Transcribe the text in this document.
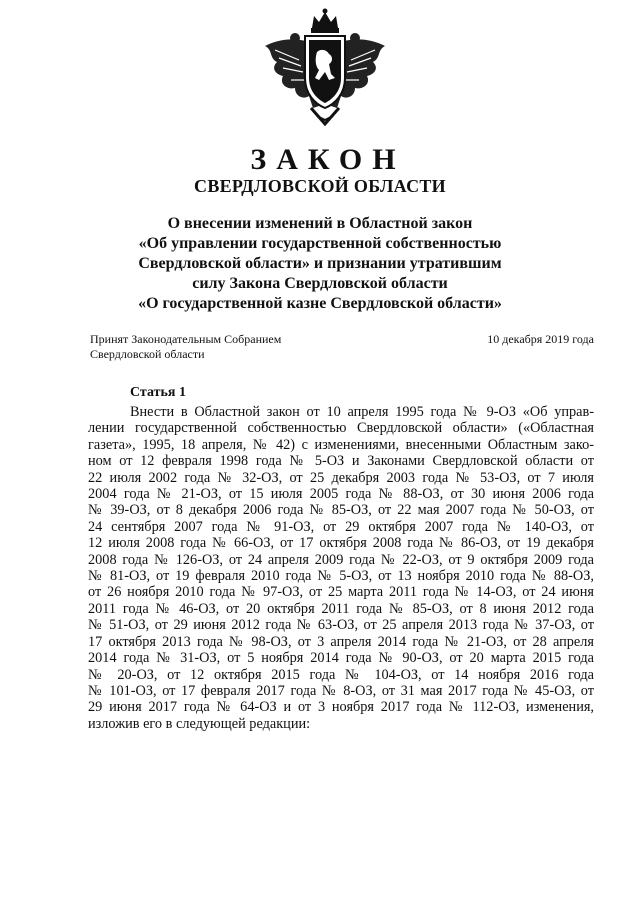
ЗАКОН
СВЕРДЛОВСКОЙ ОБЛАСТИ
О внесении изменений в Областной закон
«Об управлении государственной собственностью
Свердловской области» и признании утратившим
силу Закона Свердловской области
«О государственной казне Свердловской области»
Принят Законодательным Собранием
Свердловской области
10 декабря 2019 года
Статья 1
Внести в Областной закон от 10 апреля 1995 года № 9-ОЗ «Об управ-
лении государственной собственностью Свердловской области» («Областная
газета», 1995, 18 апреля, № 42) с изменениями, внесенными Областным зако-
ном от 12 февраля 1998 года № 5-ОЗ и Законами Свердловской области от
22 июля 2002 года № 32-ОЗ, от 25 декабря 2003 года № 53-ОЗ, от 7 июля
2004 года № 21-ОЗ, от 15 июля 2005 года № 88-ОЗ, от 30 июня 2006 года
№ 39-ОЗ, от 8 декабря 2006 года № 85-ОЗ, от 22 мая 2007 года № 50-ОЗ, от
24 сентября 2007 года № 91-ОЗ, от 29 октября 2007 года № 140-ОЗ, от
12 июля 2008 года № 66-ОЗ, от 17 октября 2008 года № 86-ОЗ, от 19 декабря
2008 года № 126-ОЗ, от 24 апреля 2009 года № 22-ОЗ, от 9 октября 2009 года
№ 81-ОЗ, от 19 февраля 2010 года № 5-ОЗ, от 13 ноября 2010 года № 88-ОЗ,
от 26 ноября 2010 года № 97-ОЗ, от 25 марта 2011 года № 14-ОЗ, от 24 июня
2011 года № 46-ОЗ, от 20 октября 2011 года № 85-ОЗ, от 8 июня 2012 года
№ 51-ОЗ, от 29 июня 2012 года № 63-ОЗ, от 25 апреля 2013 года № 37-ОЗ, от
17 октября 2013 года № 98-ОЗ, от 3 апреля 2014 года № 21-ОЗ, от 28 апреля
2014 года № 31-ОЗ, от 5 ноября 2014 года № 90-ОЗ, от 20 марта 2015 года
№ 20-ОЗ, от 12 октября 2015 года № 104-ОЗ, от 14 ноября 2016 года
№ 101-ОЗ, от 17 февраля 2017 года № 8-ОЗ, от 31 мая 2017 года № 45-ОЗ, от
29 июня 2017 года № 64-ОЗ и от 3 ноября 2017 года № 112-ОЗ, изменения,
изложив его в следующей редакции:
